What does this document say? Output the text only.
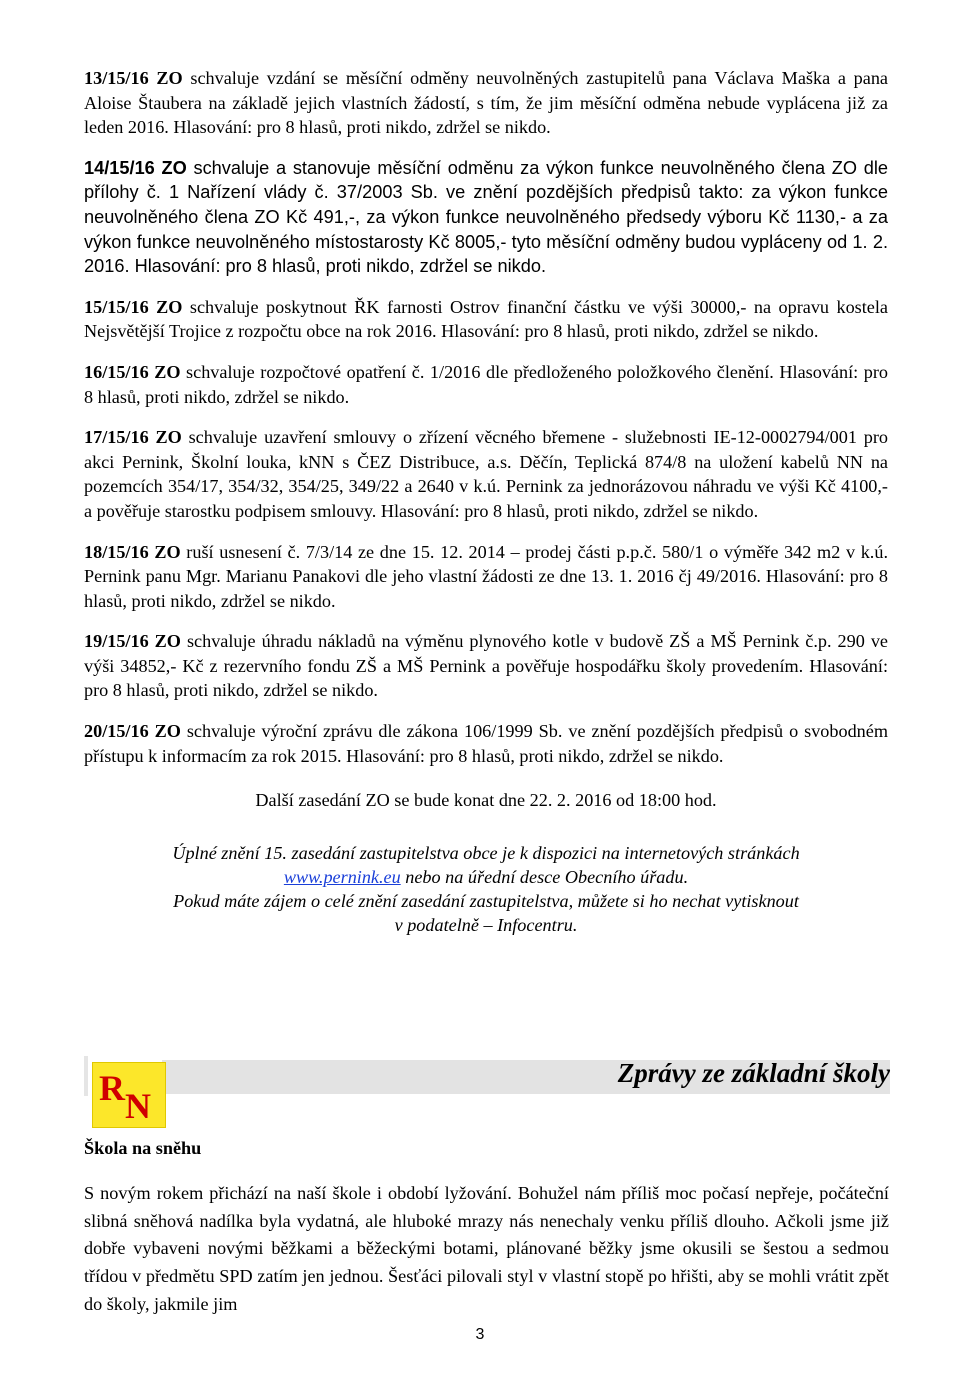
13/15/16 ZO schvaluje vzdání se měsíční odměny neuvolněných zastupitelů pana Václava Maška a pana Aloise Štaubera na základě jejich vlastních žádostí, s tím, že jim měsíční odměna nebude vyplácena již za leden 2016. Hlasování: pro 8 hlasů, proti nikdo, zdržel se nikdo.

14/15/16 ZO schvaluje a stanovuje měsíční odměnu za výkon funkce neuvolněného člena ZO dle přílohy č. 1 Nařízení vlády č. 37/2003 Sb. ve znění pozdějších předpisů takto: za výkon funkce neuvolněného člena ZO Kč 491,-, za výkon funkce neuvolněného předsedy výboru Kč 1130,- a za výkon funkce neuvolněného místostarosty Kč 8005,- tyto měsíční odměny budou vypláceny od 1. 2. 2016. Hlasování: pro 8 hlasů, proti nikdo, zdržel se nikdo.

15/15/16 ZO schvaluje poskytnout ŘK farnosti Ostrov finanční částku ve výši 30000,- na opravu kostela Nejsvětější Trojice z rozpočtu obce na rok 2016. Hlasování: pro 8 hlasů, proti nikdo, zdržel se nikdo.

16/15/16 ZO schvaluje rozpočtové opatření č. 1/2016 dle předloženého položkového členění. Hlasování: pro 8 hlasů, proti nikdo, zdržel se nikdo.

17/15/16 ZO schvaluje uzavření smlouvy o zřízení věcného břemene - služebnosti IE-12-0002794/001 pro akci Pernink, Školní louka, kNN s ČEZ Distribuce, a.s. Děčín, Teplická 874/8 na uložení kabelů NN na pozemcích 354/17, 354/32, 354/25, 349/22 a 2640 v k.ú. Pernink za jednorázovou náhradu ve výši Kč 4100,- a pověřuje starostku podpisem smlouvy. Hlasování: pro 8 hlasů, proti nikdo, zdržel se nikdo.

18/15/16 ZO ruší usnesení č. 7/3/14 ze dne 15. 12. 2014 – prodej části p.p.č. 580/1 o výměře 342 m2 v k.ú. Pernink panu Mgr. Marianu Panakovi dle jeho vlastní žádosti ze dne 13. 1. 2016 čj 49/2016. Hlasování: pro 8 hlasů, proti nikdo, zdržel se nikdo.

19/15/16 ZO schvaluje úhradu nákladů na výměnu plynového kotle v budově ZŠ a MŠ Pernink č.p. 290 ve výši 34852,- Kč z rezervního fondu ZŠ a MŠ Pernink a pověřuje hospodářku školy provedením. Hlasování: pro 8 hlasů, proti nikdo, zdržel se nikdo.

20/15/16 ZO schvaluje výroční zprávu dle zákona 106/1999 Sb. ve znění pozdějších předpisů o svobodném přístupu k informacím za rok 2015. Hlasování: pro 8 hlasů, proti nikdo, zdržel se nikdo.

Další zasedání ZO se bude konat dne 22. 2. 2016 od 18:00 hod.
Úplné znění 15. zasedání zastupitelstva obce je k dispozici na internetových stránkách
www.pernink.eu nebo na úřední desce Obecního úřadu.
Pokud máte zájem o celé znění zasedání zastupitelstva, můžete si ho nechat vytisknout
v podatelně – Infocentru.
R N
Zprávy ze základní školy
Škola na sněhu
S novým rokem přichází na naší škole i období lyžování. Bohužel nám příliš moc počasí nepřeje, počáteční slibná sněhová nadílka byla vydatná, ale hluboké mrazy nás nenechaly venku příliš dlouho. Ačkoli jsme již dobře vybaveni novými běžkami a běžeckými botami, plánované běžky jsme okusili se šestou a sedmou třídou v předmětu SPD zatím jen jednou. Šesťáci pilovali styl v vlastní stopě po hřišti, aby se mohli vrátit zpět do školy, jakmile jim
3
